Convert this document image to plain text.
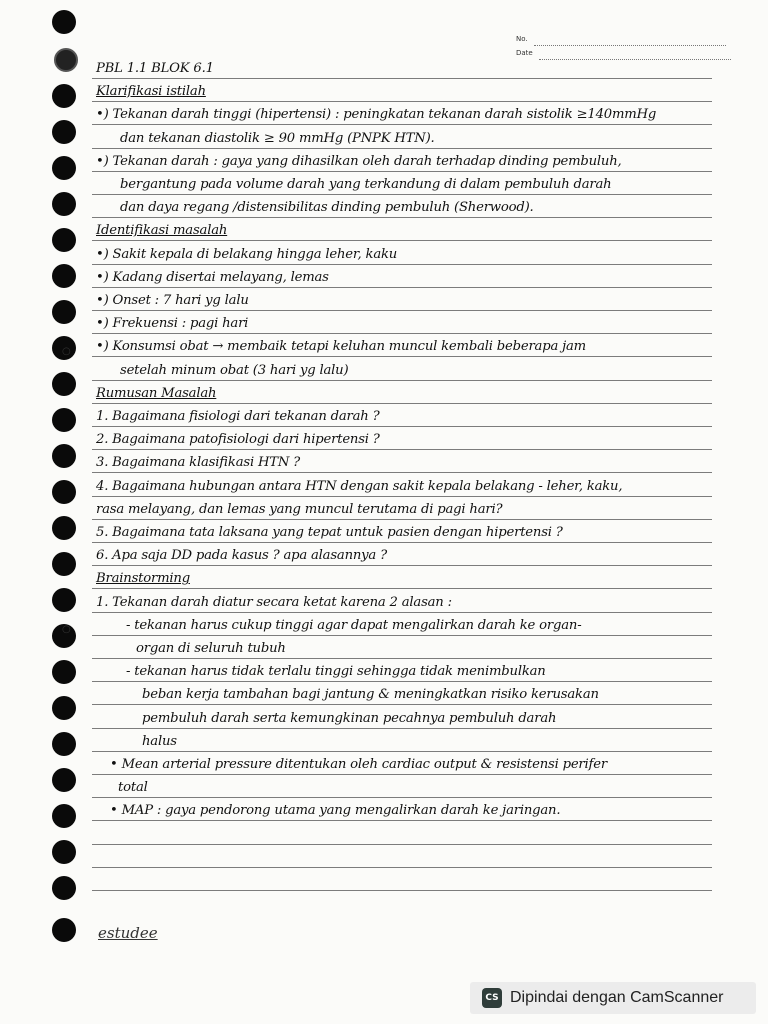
No.
Date
PBL 1.1 BLOK 6.1
Klarifikasi istilah
•) Tekanan darah tinggi (hipertensi) : peningkatan tekanan darah sistolik ≥140mmHg
dan tekanan diastolik ≥ 90 mmHg (PNPK HTN).
•) Tekanan darah : gaya yang dihasilkan oleh darah terhadap dinding pembuluh,
bergantung pada volume darah yang terkandung di dalam pembuluh darah
dan daya regang /distensibilitas dinding pembuluh (Sherwood).
Identifikasi masalah
•) Sakit kepala di belakang hingga leher, kaku
•) Kadang disertai melayang, lemas
•) Onset : 7 hari yg lalu
•) Frekuensi : pagi hari
•) Konsumsi obat → membaik tetapi keluhan muncul kembali beberapa jam
setelah minum obat (3 hari yg lalu)
Rumusan Masalah
1. Bagaimana fisiologi dari tekanan darah ?
2. Bagaimana patofisiologi dari hipertensi ?
3. Bagaimana klasifikasi HTN ?
4. Bagaimana hubungan antara HTN dengan sakit kepala belakang - leher, kaku,
rasa melayang, dan lemas yang muncul terutama di pagi hari?
5. Bagaimana tata laksana yang tepat untuk pasien dengan hipertensi ?
6. Apa saja DD pada kasus ? apa alasannya ?
Brainstorming
1. Tekanan darah diatur secara ketat karena 2 alasan :
- tekanan harus cukup tinggi agar dapat mengalirkan darah ke organ-
organ di seluruh tubuh
- tekanan harus tidak terlalu tinggi sehingga tidak menimbulkan
beban kerja tambahan bagi jantung & meningkatkan risiko kerusakan
pembuluh darah serta kemungkinan pecahnya pembuluh darah
halus
• Mean arterial pressure ditentukan oleh cardiac output & resistensi perifer
total
• MAP : gaya pendorong utama yang mengalirkan darah ke jaringan.
○
○
estudee
CS Dipindai dengan CamScanner
